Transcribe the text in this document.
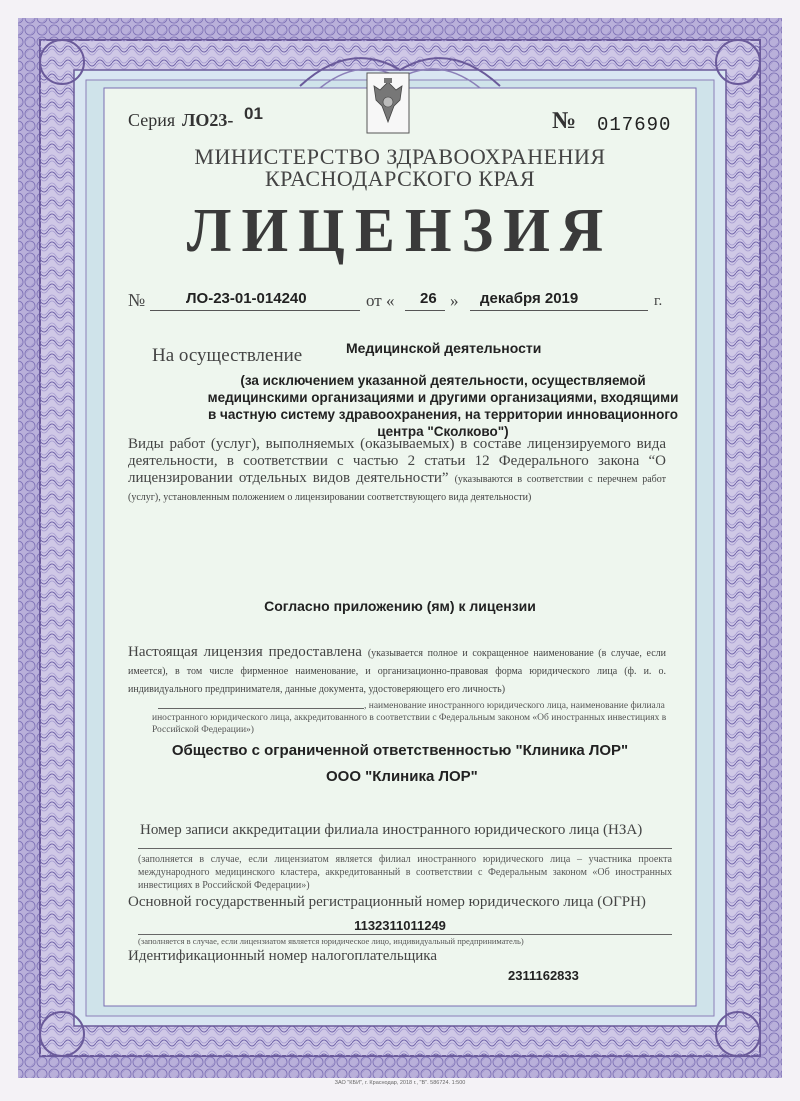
Серия ЛО23- 01	№ 017690
МИНИСТЕРСТВО ЗДРАВООХРАНЕНИЯ
КРАСНОДАРСКОГО КРАЯ
ЛИЦЕНЗИЯ
№	ЛО-23-01-014240	от « 26 » декабря 2019	г.
Медицинской деятельности
На осуществление
(за исключением указанной деятельности, осуществляемой медицинскими организациями и другими организациями, входящими в частную систему здравоохранения, на территории инновационного центра "Сколково")
Виды работ (услуг), выполняемых (оказываемых) в составе лицензируемого вида деятельности, в соответствии с частью 2 статьи 12 Федерального закона “О лицензировании отдельных видов деятельности” (указываются в соответствии с перечнем работ (услуг), установленным положением о лицензировании соответствующего вида деятельности)
Согласно приложению (ям) к лицензии
Настоящая лицензия предоставлена (указывается полное и сокращенное наименование (в случае, если имеется), в том числе фирменное наименование, и организационно-правовая форма юридического лица (ф. и. о. индивидуального предпринимателя, данные документа, удостоверяющего его личность)
, наименование иностранного юридического лица, наименование филиала иностранного юридического лица, аккредитованного в соответствии с Федеральным законом «Об иностранных инвестициях в Российской Федерации»)
Общество с ограниченной ответственностью "Клиника ЛОР"
ООО "Клиника ЛОР"
Номер записи аккредитации филиала иностранного юридического лица (НЗА)
(заполняется в случае, если лицензиатом является филиал иностранного юридического лица – участника проекта международного медицинского кластера, аккредитованный в соответствии с Федеральным законом «Об иностранных инвестициях в Российской Федерации»)
Основной государственный регистрационный номер юридического лица (ОГРН)
1132311011249
(заполняется в случае, если лицензиатом является юридическое лицо, индивидуальный предприниматель)
Идентификационный номер налогоплательщика
2311162833
ЗАО "КБИ", г. Краснодар, 2018 г., "В". 586724. 1:500
